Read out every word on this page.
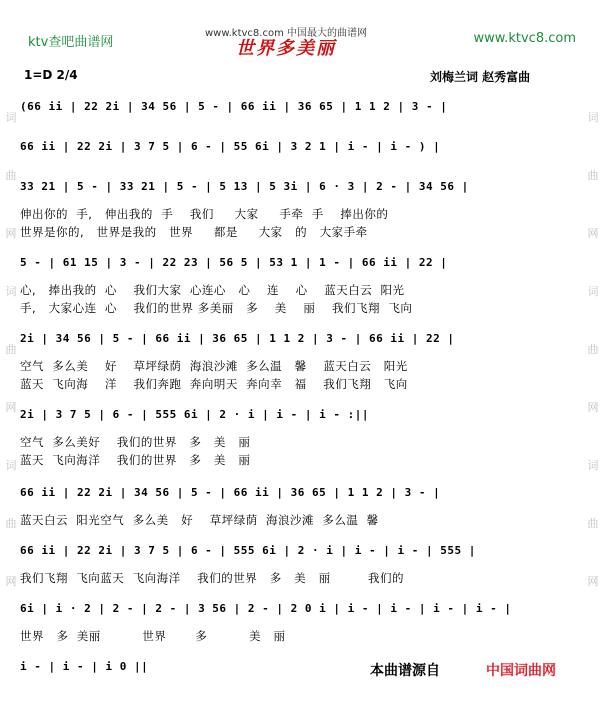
词
曲
网
词
曲
网
词
曲
网
词
曲
网
词
曲
网
词
曲
网
ktv查吧曲谱网
www.ktvc8.com 中国最大的曲谱网
世界多美丽	www.ktvc8.com
1=D 2/4	刘梅兰词 赵秀富曲
(66 ii | 22 2i | 34 56 | 5 - | 66 ii | 36 65 | 1 1 2 | 3 - |
66 ii | 22 2i | 3 7 5 | 6 - | 55 6i | 3 2 1 | i - | i - ) |
33 21 | 5 - | 33 21 | 5 - | 5 13 | 5 3i | 6 · 3 | 2 - | 34 56 |
伸出你的  手,   伸出我的  手    我们     大家     手牵  手    捧出你的
世界是你的,   世界是我的   世界     都是     大家   的   大家手牵
5 - | 61 15 | 3 - | 22 23 | 56 5 | 53 1 | 1 - | 66 ii | 22 |
心,   捧出我的  心    我们大家  心连心   心    连    心    蓝天白云  阳光
手,   大家心连  心    我们的世界 多美丽   多    美    丽    我们飞翔  飞向
2i | 34 56 | 5 - | 66 ii | 36 65 | 1 1 2 | 3 - | 66 ii | 22 |
空气  多么美    好    草坪绿荫  海浪沙滩  多么温   馨    蓝天白云   阳光
蓝天  飞向海    洋    我们奔跑  奔向明天  奔向幸   福    我们飞翔   飞向
2i | 3 7 5 | 6 - | 555 6i | 2 · i | i - | i - :||
空气  多么美好    我们的世界   多   美   丽
蓝天  飞向海洋    我们的世界   多   美   丽
66 ii | 22 2i | 34 56 | 5 - | 66 ii | 36 65 | 1 1 2 | 3 - |
蓝天白云  阳光空气  多么美   好    草坪绿荫  海浪沙滩  多么温  馨
66 ii | 22 2i | 3 7 5 | 6 - | 555 6i | 2 · i | i - | i - | 555 |
我们飞翔  飞向蓝天  飞向海洋    我们的世界   多   美   丽         我们的
6i | i · 2 | 2 - | 2 - | 3 56 | 2 - | 2 0 i | i - | i - | i - | i - |
世界   多  美丽          世界       多          美   丽
i - | i - | i 0 ||	本曲谱源自	中国词曲网
